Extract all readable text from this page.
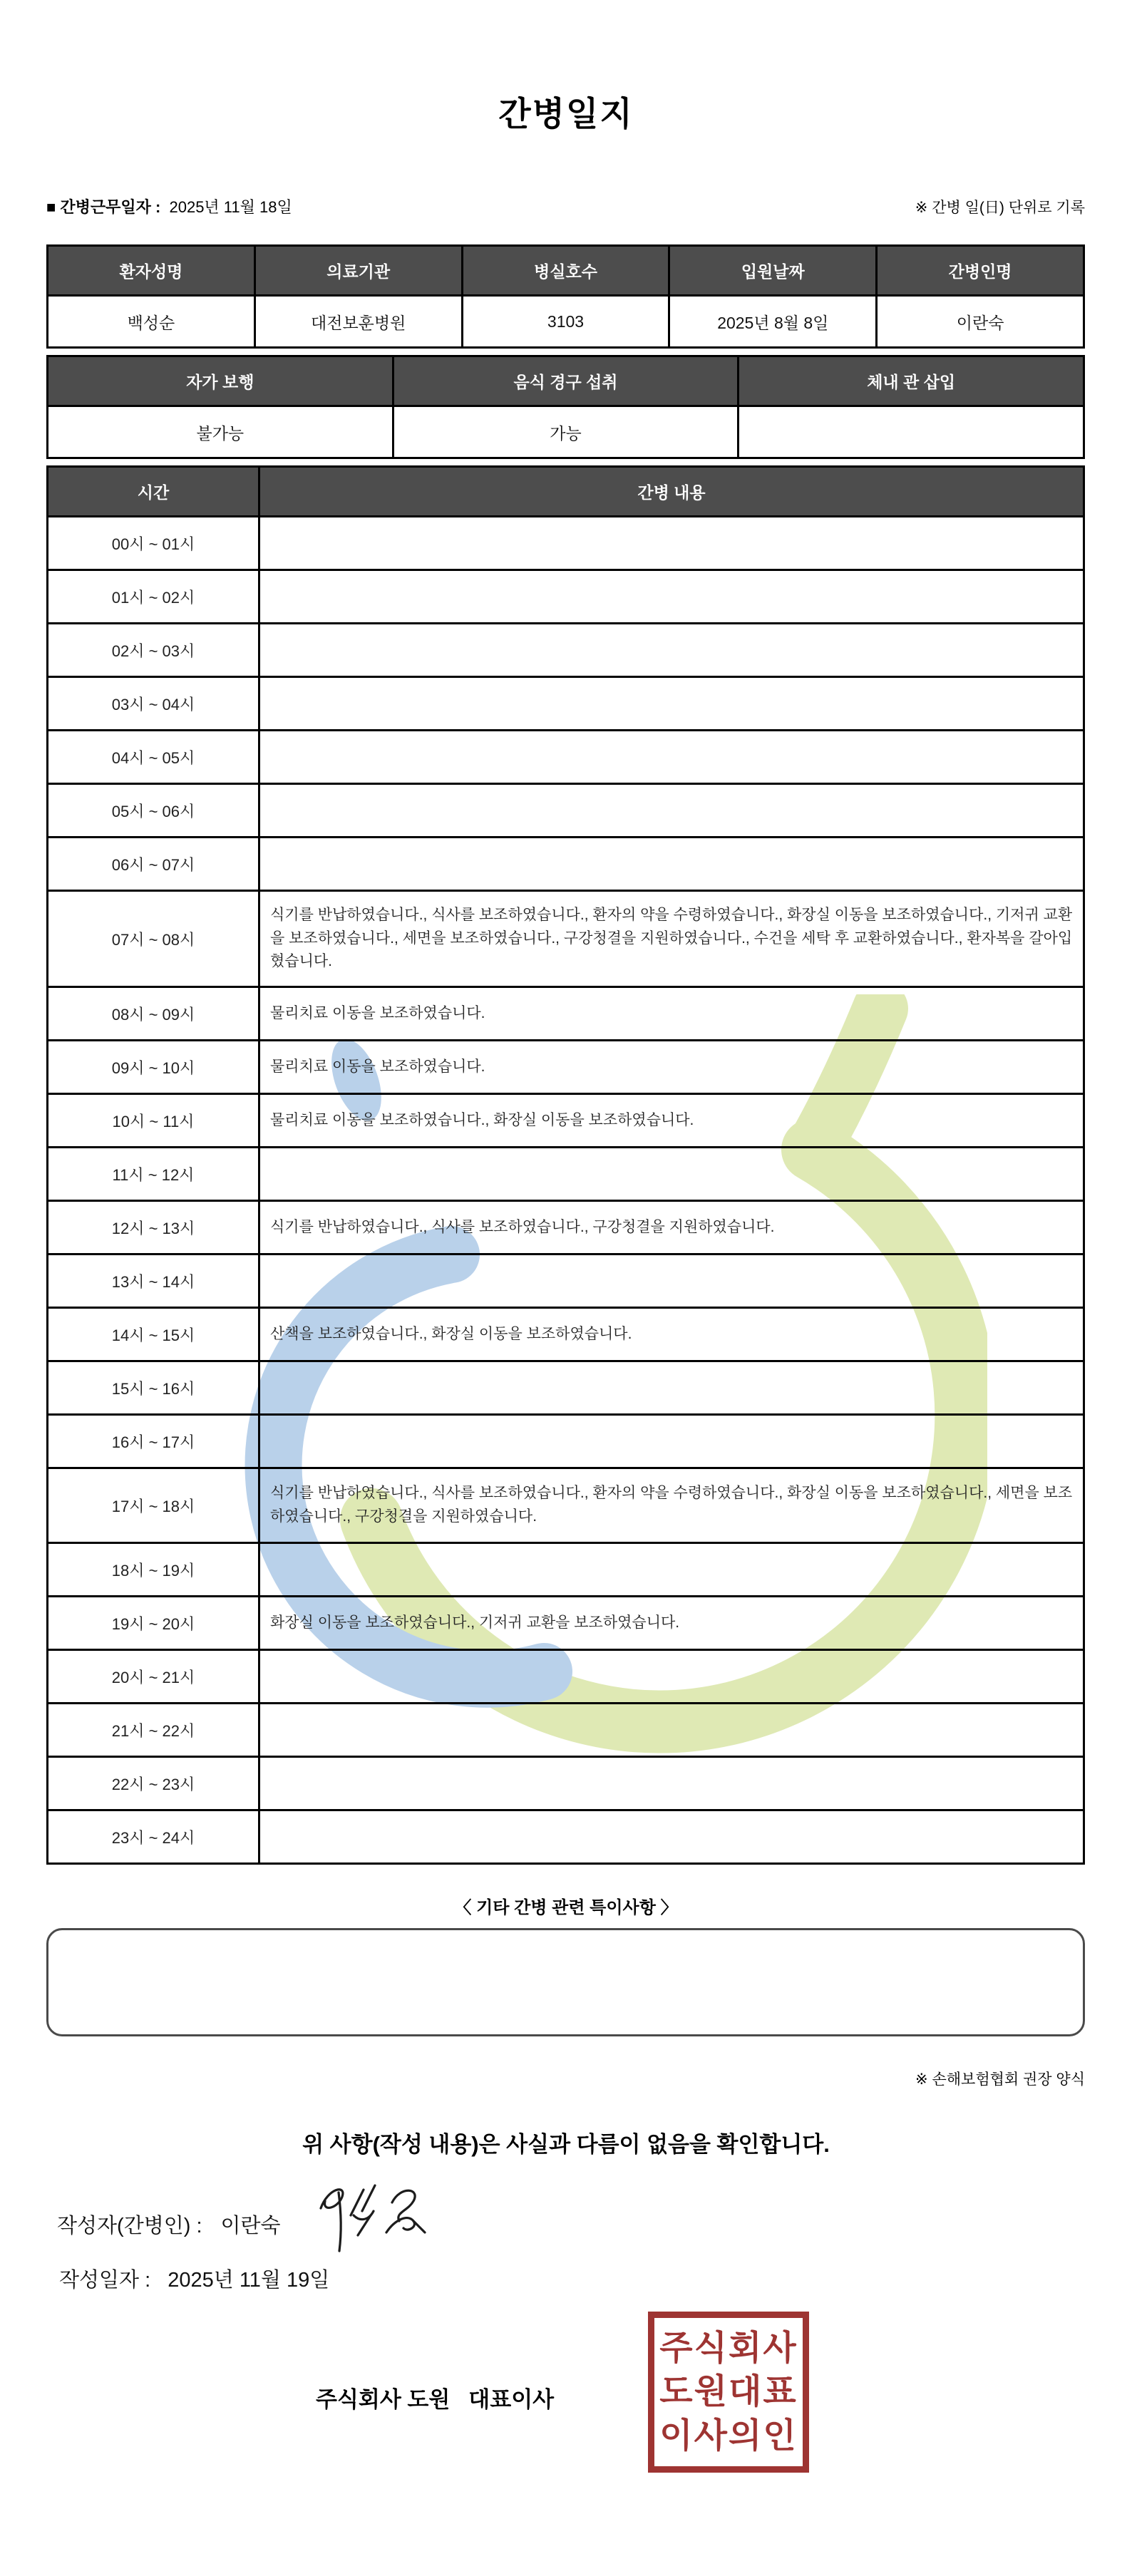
간병일지
■ 간병근무일자 : 2025년 11월 18일	※ 간병 일(日) 단위로 기록
환자성명	의료기관	병실호수	입원날짜	간병인명
백성순	대전보훈병원	3103	2025년 8월 8일	이란숙
자가 보행	음식 경구 섭취	체내 관 삽입
불가능	가능	
시간	간병 내용
00시 ~ 01시	
01시 ~ 02시	
02시 ~ 03시	
03시 ~ 04시	
04시 ~ 05시	
05시 ~ 06시	
06시 ~ 07시	
07시 ~ 08시	식기를 반납하였습니다., 식사를 보조하였습니다., 환자의 약을 수령하였습니다., 화장실 이동을 보조하였습니다., 기저귀 교환을 보조하였습니다., 세면을 보조하였습니다., 구강청결을 지원하였습니다., 수건을 세탁 후 교환하였습니다., 환자복을 갈아입혔습니다.
08시 ~ 09시	물리치료 이동을 보조하였습니다.
09시 ~ 10시	물리치료 이동을 보조하였습니다.
10시 ~ 11시	물리치료 이동을 보조하였습니다., 화장실 이동을 보조하였습니다.
11시 ~ 12시	
12시 ~ 13시	식기를 반납하였습니다., 식사를 보조하였습니다., 구강청결을 지원하였습니다.
13시 ~ 14시	
14시 ~ 15시	산책을 보조하였습니다., 화장실 이동을 보조하였습니다.
15시 ~ 16시	
16시 ~ 17시	
17시 ~ 18시	식기를 반납하였습니다., 식사를 보조하였습니다., 환자의 약을 수령하였습니다., 화장실 이동을 보조하였습니다., 세면을 보조하였습니다., 구강청결을 지원하였습니다.
18시 ~ 19시	
19시 ~ 20시	화장실 이동을 보조하였습니다., 기저귀 교환을 보조하였습니다.
20시 ~ 21시	
21시 ~ 22시	
22시 ~ 23시	
23시 ~ 24시	
〈 기타 간병 관련 특이사항 〉
※ 손해보험협회 권장 양식
위 사항(작성 내용)은 사실과 다름이 없음을 확인합니다.
작성자(간병인) : 이란숙
작성일자 : 2025년 11월 19일
주식회사 도원 대표이사
주식회사
도원대표
이사의인
